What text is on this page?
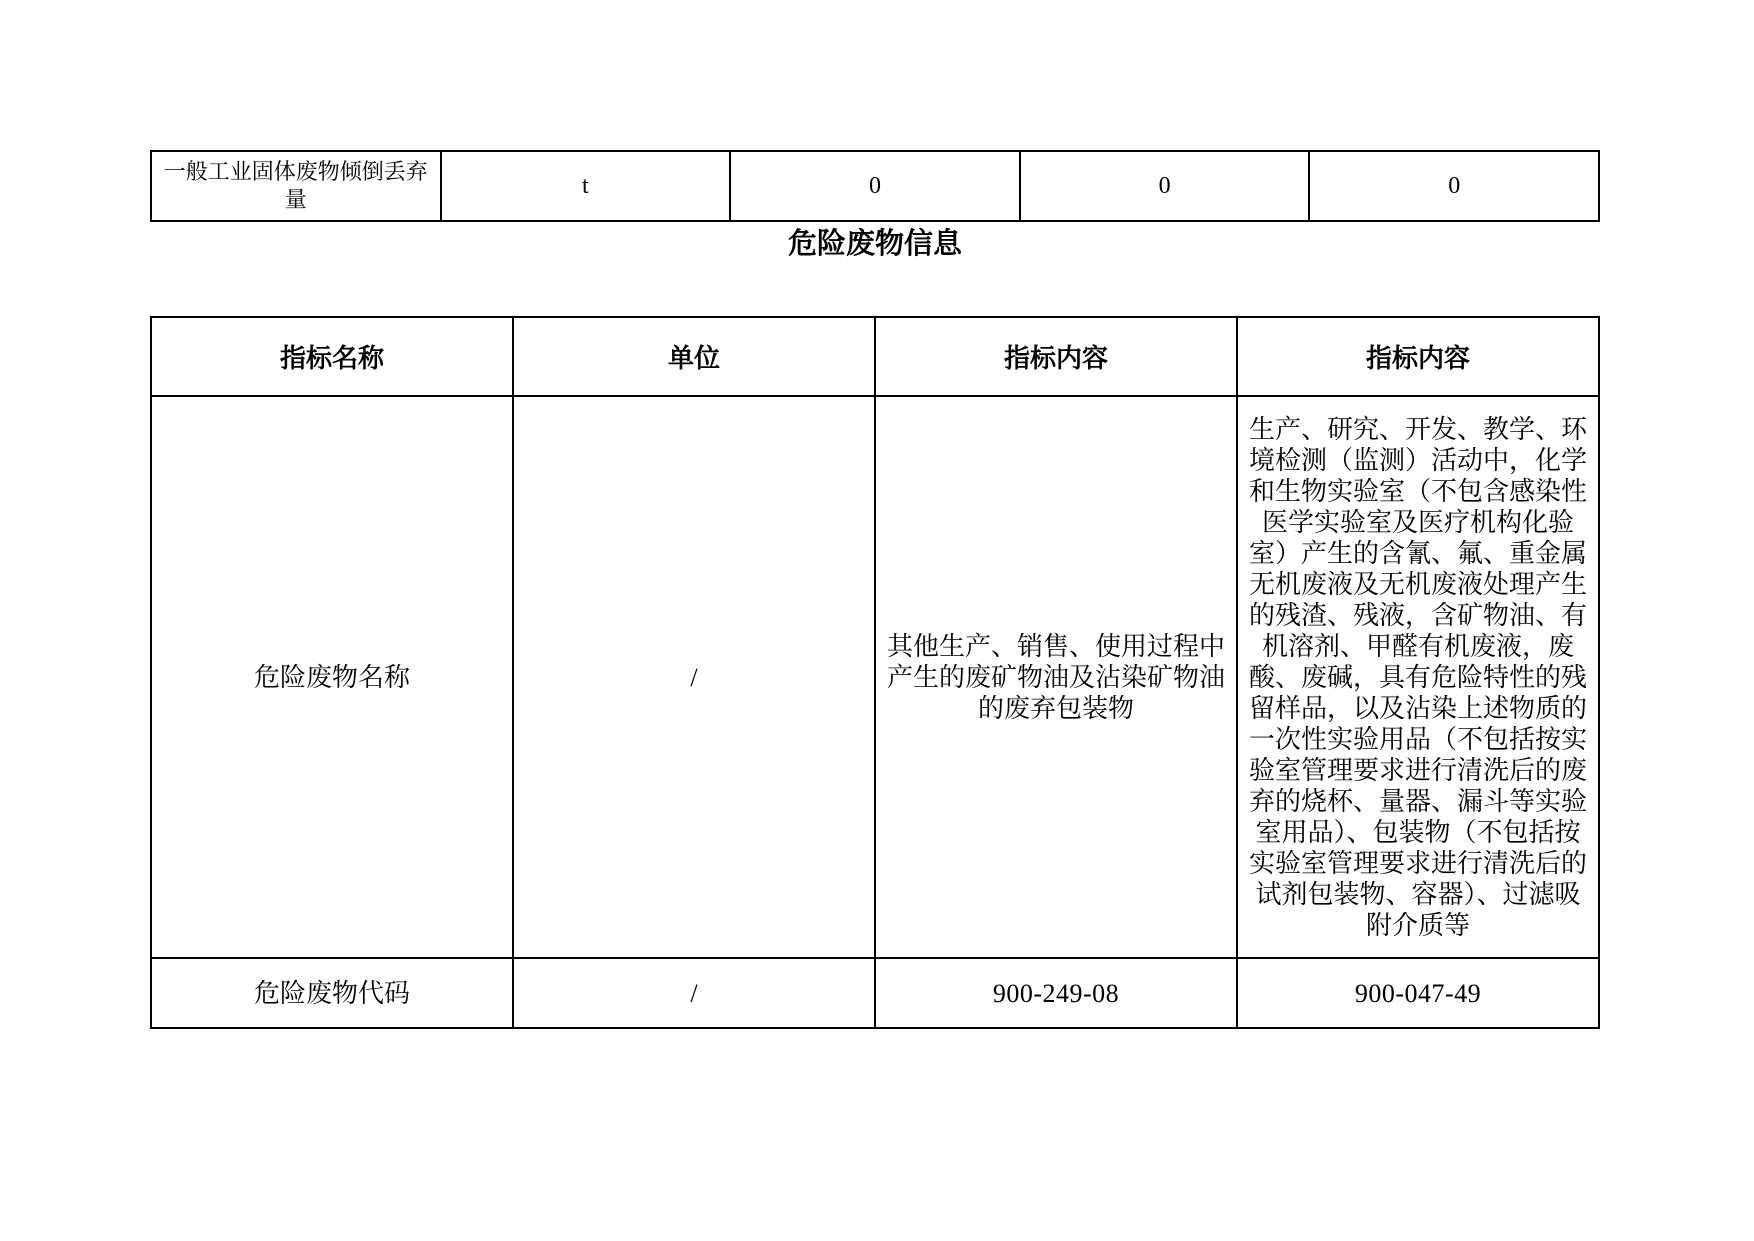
一般工业固体废物倾倒丢弃量	t	0	0	0
危险废物信息
指标名称	单位	指标内容	指标内容
危险废物名称	/	其他生产、销售、使用过程中产生的废矿物油及沾染矿物油的废弃包装物	生产、研究、开发、教学、环境检测（监测）活动中，化学和生物实验室（不包含感染性医学实验室及医疗机构化验室）产生的含氰、氟、重金属无机废液及无机废液处理产生的残渣、残液，含矿物油、有机溶剂、甲醛有机废液，废酸、废碱，具有危险特性的残留样品，以及沾染上述物质的一次性实验用品（不包括按实验室管理要求进行清洗后的废弃的烧杯、量器、漏斗等实验室用品）、包装物（不包括按实验室管理要求进行清洗后的试剂包装物、容器）、过滤吸附介质等
危险废物代码	/	900-249-08	900-047-49
